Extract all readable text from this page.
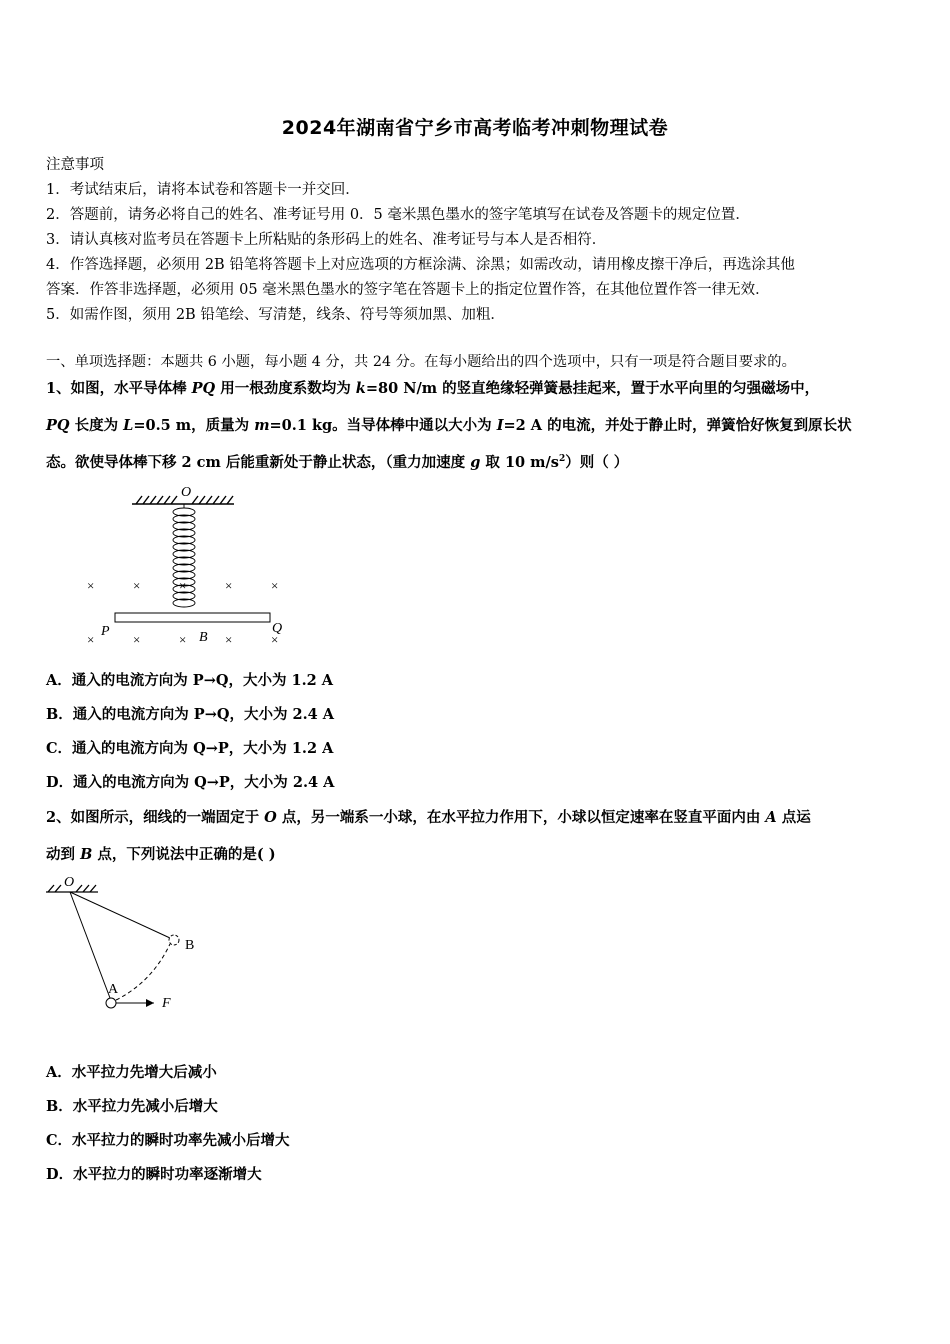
2024年湖南省宁乡市高考临考冲刺物理试卷
注意事项
1．考试结束后，请将本试卷和答题卡一并交回．
2．答题前，请务必将自己的姓名、准考证号用 0．5 毫米黑色墨水的签字笔填写在试卷及答题卡的规定位置．
3．请认真核对监考员在答题卡上所粘贴的条形码上的姓名、准考证号与本人是否相符．
4．作答选择题，必须用 2B 铅笔将答题卡上对应选项的方框涂满、涂黑；如需改动，请用橡皮擦干净后，再选涂其他
答案．作答非选择题，必须用 05 毫米黑色墨水的签字笔在答题卡上的指定位置作答，在其他位置作答一律无效．
5．如需作图，须用 2B 铅笔绘、写清楚，线条、符号等须加黑、加粗．
一、单项选择题：本题共 6 小题，每小题 4 分，共 24 分。在每小题给出的四个选项中，只有一项是符合题目要求的。
1、如图，水平导体棒 PQ 用一根劲度系数均为 k=80 N/m 的竖直绝缘轻弹簧悬挂起来，置于水平向里的匀强磁场中，
PQ 长度为 L=0.5 m，质量为 m=0.1 kg。当导体棒中通以大小为 I=2 A 的电流，并处于静止时，弹簧恰好恢复到原长状
态。欲使导体棒下移 2 cm 后能重新处于静止状态，（重力加速度 g 取 10 $m/s^2$）则（ ）
O
×	×	×	×	×
×	×	×	×	×
P	Q
B
A．通入的电流方向为 P→Q，大小为 1.2 A
B．通入的电流方向为 P→Q，大小为 2.4 A
C．通入的电流方向为 Q→P，大小为 1.2 A
D．通入的电流方向为 Q→P，大小为 2.4 A
2、如图所示，细线的一端固定于 O 点，另一端系一小球，在水平拉力作用下，小球以恒定速率在竖直平面内由 A 点运
动到 B 点，下列说法中正确的是( )
O
B
A
F
A．水平拉力先增大后减小
B．水平拉力先减小后增大
C．水平拉力的瞬时功率先减小后增大
D．水平拉力的瞬时功率逐渐增大
